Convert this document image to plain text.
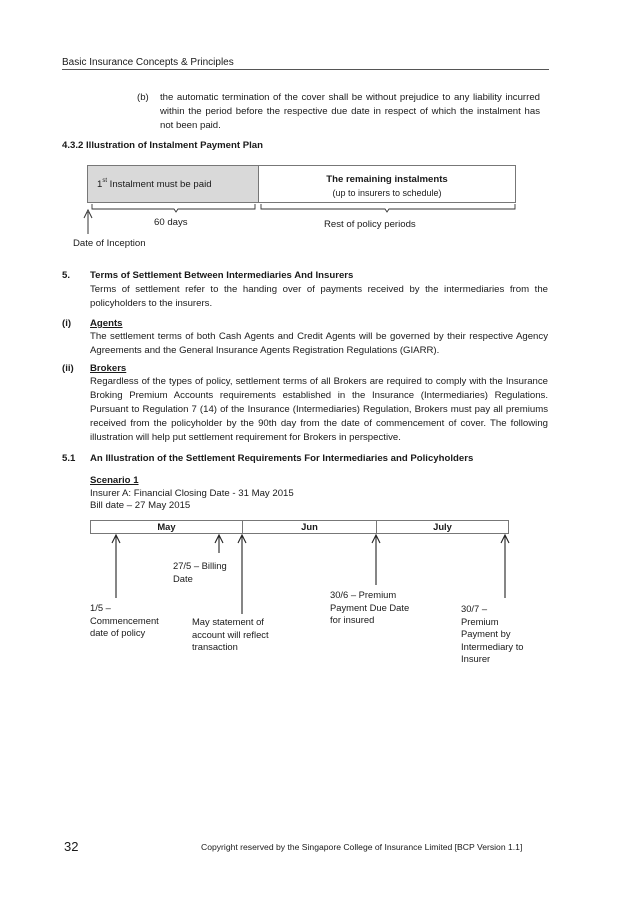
Basic Insurance Concepts & Principles
(b) the automatic termination of the cover shall be without prejudice to any liability incurred within the period before the respective due date in respect of which the instalment has not been paid.
4.3.2 Illustration of Instalment Payment Plan
1st Instalment must be paid	The remaining instalments
(up to insurers to schedule)
60 days	Rest of policy periods
Date of Inception
5. Terms of Settlement Between Intermediaries And Insurers
Terms of settlement refer to the handing over of payments received by the intermediaries from the policyholders to the insurers.
(i) Agents
The settlement terms of both Cash Agents and Credit Agents will be governed by their respective Agency Agreements and the General Insurance Agents Registration Regulations (GIARR).
(ii) Brokers
Regardless of the types of policy, settlement terms of all Brokers are required to comply with the Insurance Broking Premium Accounts requirements established in the Insurance (Intermediaries) Regulations. Pursuant to Regulation 7 (14) of the Insurance (Intermediaries) Regulation, Brokers must pay all premiums received from the policyholder by the 90th day from the date of commencement of cover. The following illustration will help put settlement requirement for Brokers in perspective.
5.1 An Illustration of the Settlement Requirements For Intermediaries and Policyholders
Scenario 1
Insurer A: Financial Closing Date - 31 May 2015
Bill date – 27 May 2015
May	Jun	July
27/5 – Billing Date
30/6 – Premium Payment Due Date for insured
1/5 – Commencement date of policy
30/7 – Premium Payment by Intermediary to Insurer
May statement of account will reflect transaction
32	Copyright reserved by the Singapore College of Insurance Limited [BCP Version 1.1]
